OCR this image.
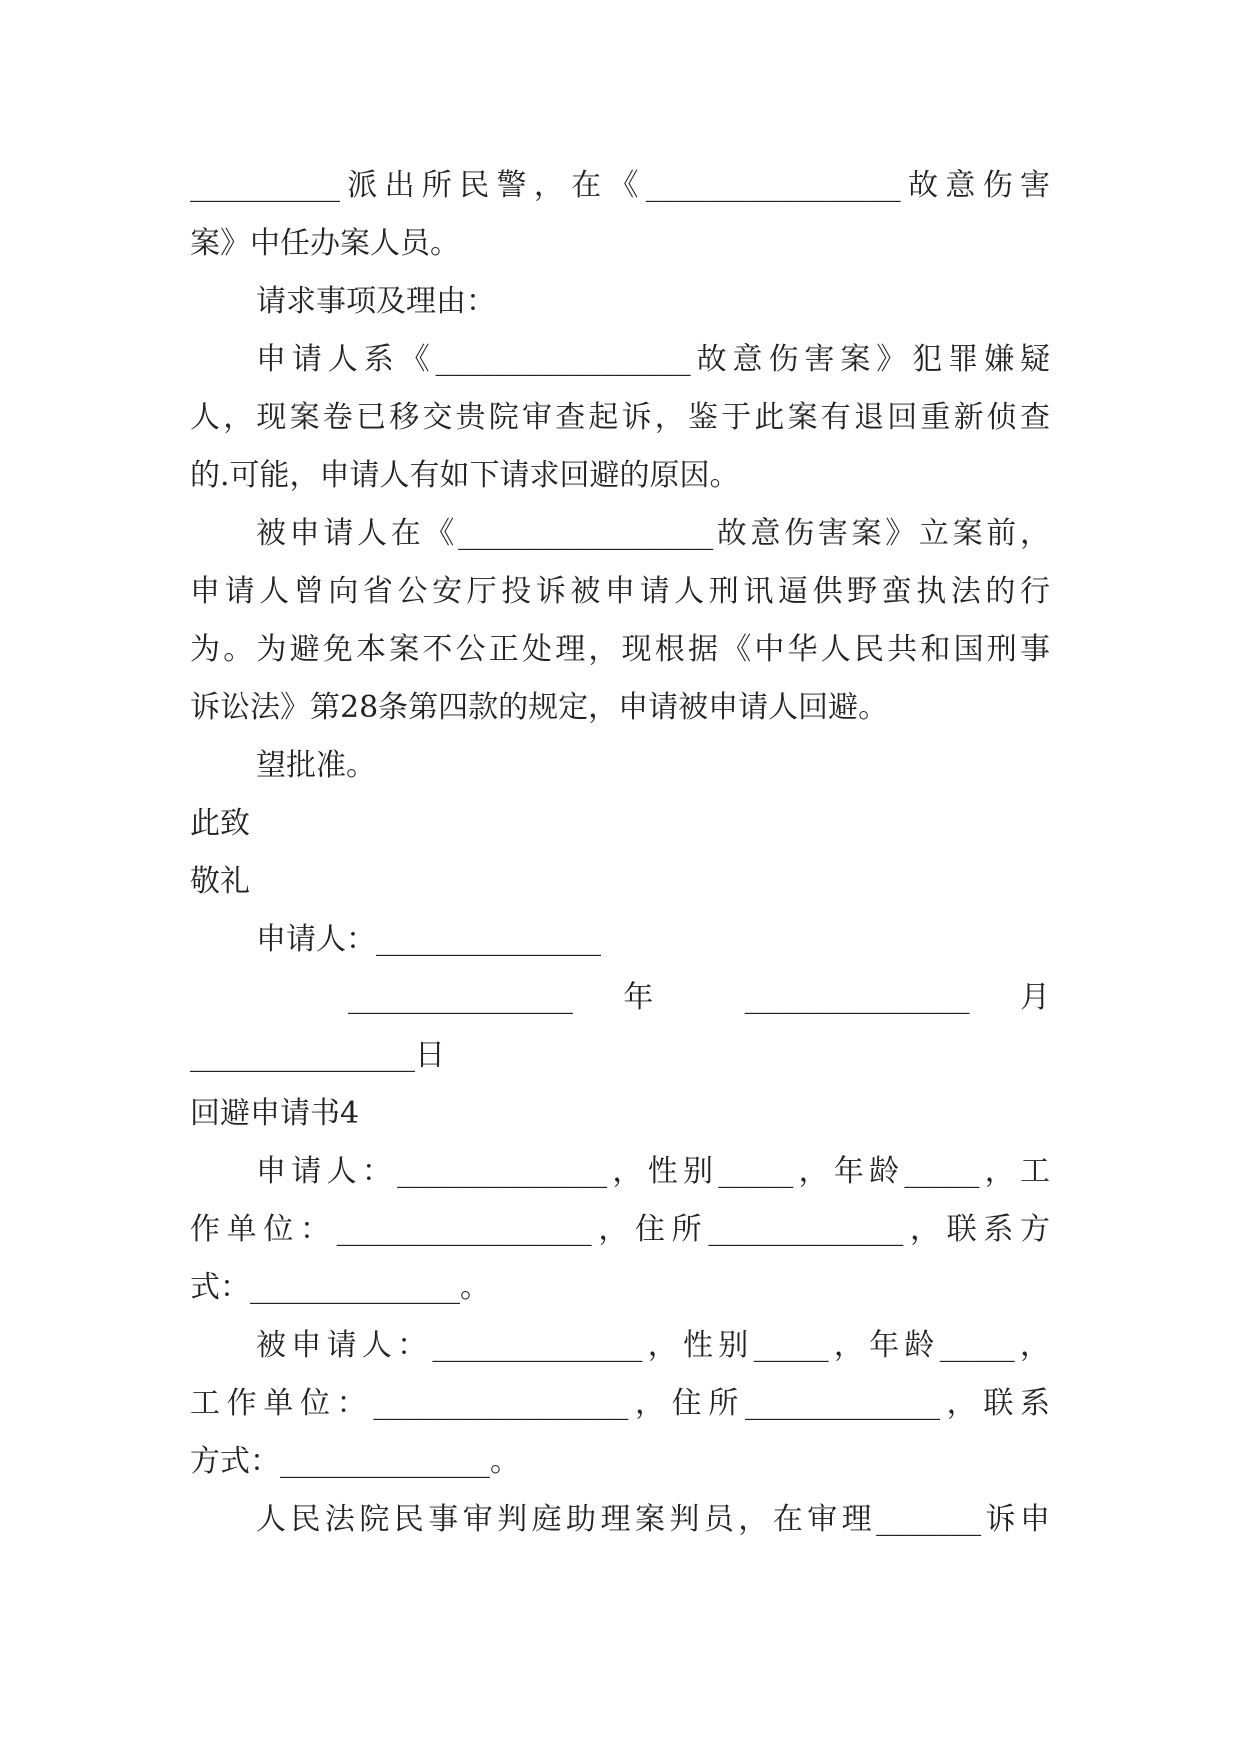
__________派出所民警，在《_________________故意伤害

案》中任办案人员。

请求事项及理由：

申请人系《_________________故意伤害案》犯罪嫌疑

人，现案卷已移交贵院审查起诉，鉴于此案有退回重新侦查

的.可能，申请人有如下请求回避的原因。

被申请人在《_________________故意伤害案》立案前，

申请人曾向省公安厅投诉被申请人刑讯逼供野蛮执法的行

为。为避免本案不公正处理，现根据《中华人民共和国刑事

诉讼法》第28条第四款的规定，申请被申请人回避。

望批准。

此致

敬礼

申请人：_______________

_______________ 年 _______________ 月

_______________日

回避申请书4

申请人：______________，性别_____，年龄_____，工

作单位：_________________，住所_____________，联系方

式：______________。

被申请人：______________，性别_____，年龄_____，

工作单位：_________________，住所_____________，联系

方式：______________。

人民法院民事审判庭助理案判员，在审理_______诉申
